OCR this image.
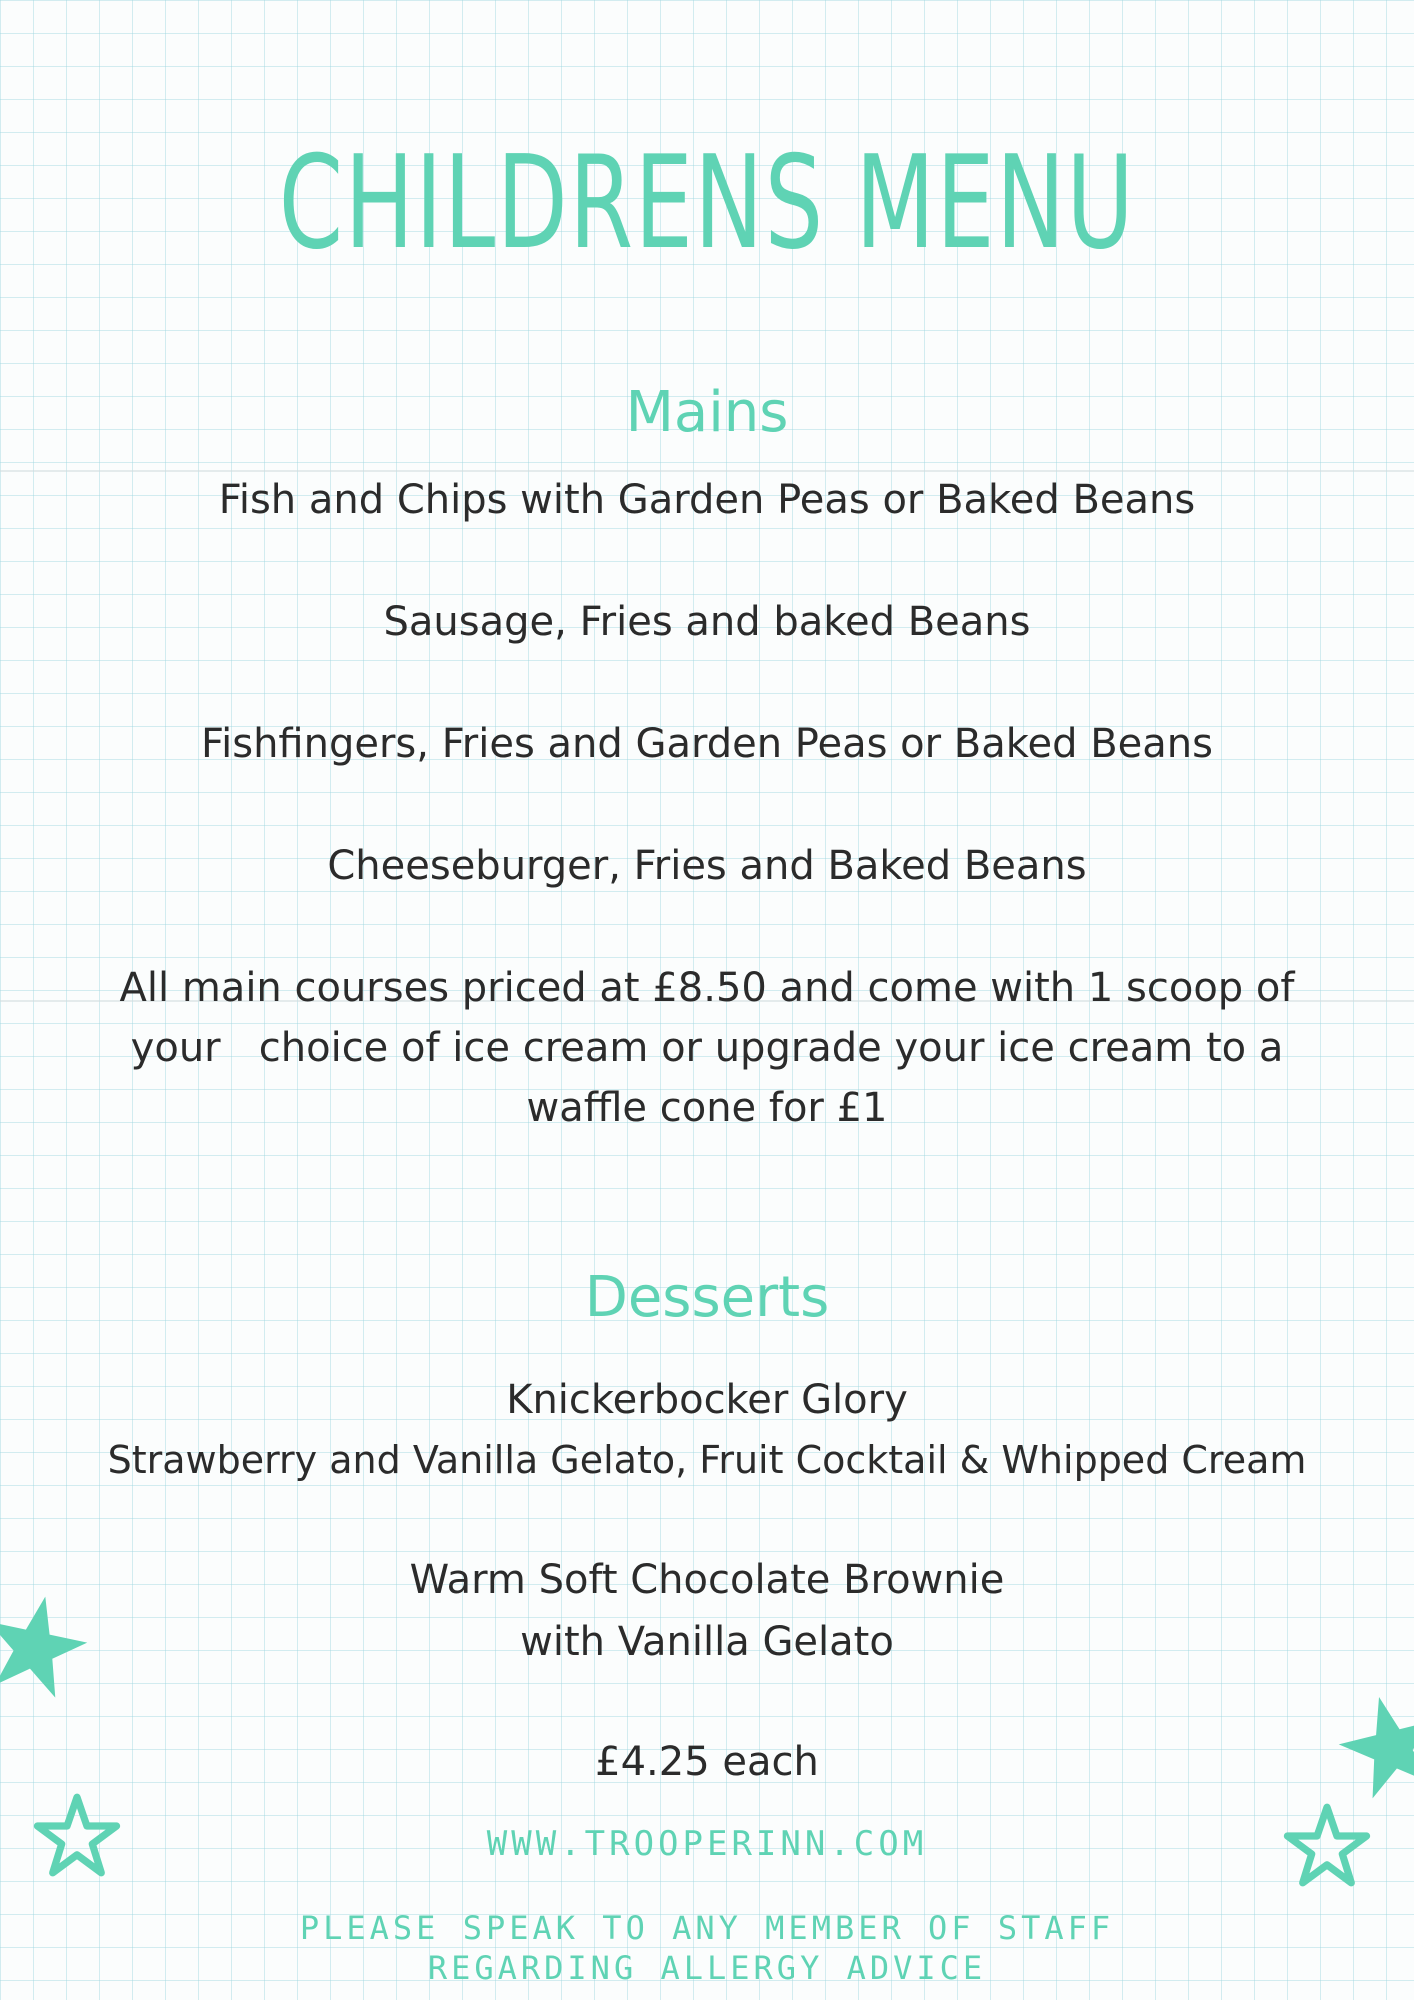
CHILDRENS MENU
Mains

Fish and Chips with Garden Peas or Baked Beans

Sausage, Fries and baked Beans

Fishfingers, Fries and Garden Peas or Baked Beans

Cheeseburger, Fries and Baked Beans

All main courses priced at £8.50 and come with 1 scoop of

your   choice of ice cream or upgrade your ice cream to a

waffle cone for £1

Desserts

Knickerbocker Glory

Strawberry and Vanilla Gelato, Fruit Cocktail & Whipped Cream

Warm Soft Chocolate Brownie

with Vanilla Gelato

£4.25 each

WWW.TROOPERINN.COM

PLEASE SPEAK TO ANY MEMBER OF STAFF

REGARDING ALLERGY ADVICE
